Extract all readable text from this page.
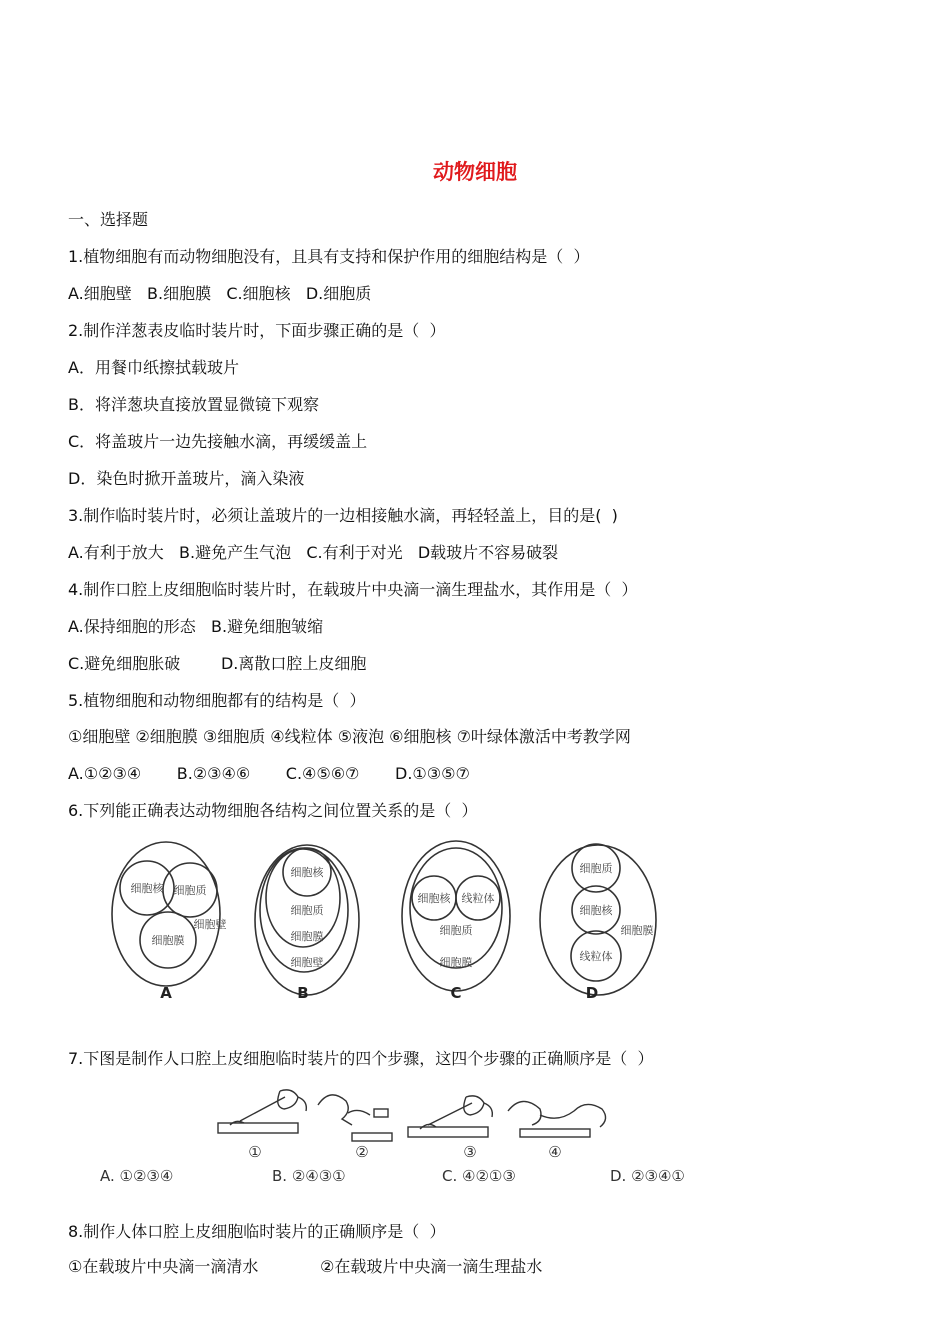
动物细胞
一、选择题
1.植物细胞有而动物细胞没有，且具有支持和保护作用的细胞结构是（  ）
A.细胞壁   B.细胞膜   C.细胞核   D.细胞质
2.制作洋葱表皮临时装片时，下面步骤正确的是（  ）
A．用餐巾纸擦拭载玻片
B．将洋葱块直接放置显微镜下观察
C．将盖玻片一边先接触水滴，再缓缓盖上
D．染色时掀开盖玻片，滴入染液
3.制作临时装片时，必须让盖玻片的一边相接触水滴，再轻轻盖上，目的是(  )
A.有利于放大   B.避免产生气泡   C.有利于对光   D载玻片不容易破裂
4.制作口腔上皮细胞临时装片时，在载玻片中央滴一滴生理盐水，其作用是（  ）
A.保持细胞的形态   B.避免细胞皱缩
C.避免细胞胀破        D.离散口腔上皮细胞
5.植物细胞和动物细胞都有的结构是（  ）
①细胞壁 ②细胞膜 ③细胞质 ④线粒体 ⑤液泡 ⑥细胞核 ⑦叶绿体激活中考教学网
A.①②③④       B.②③④⑥       C.④⑤⑥⑦       D.①③⑤⑦
6.下列能正确表达动物细胞各结构之间位置关系的是（  ）
细胞核 细胞质
细胞壁
细胞膜
细胞核
细胞质
细胞膜
细胞壁
细胞核 线粒体
细胞质
细胞膜
细胞质
细胞核
细胞膜
线粒体
A	B	C	D
7.下图是制作人口腔上皮细胞临时装片的四个步骤，这四个步骤的正确顺序是（  ）
①	②	③	④
A. ①②③④	B. ②④③①	C. ④②①③	D. ②③④①
8.制作人体口腔上皮细胞临时装片的正确顺序是（  ）
①在载玻片中央滴一滴清水	②在载玻片中央滴一滴生理盐水
